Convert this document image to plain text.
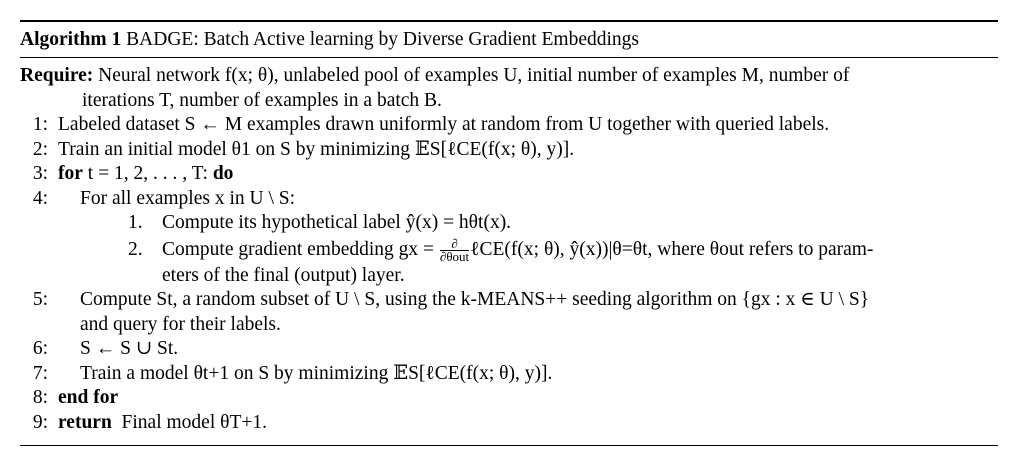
Algorithm 1 BADGE: Batch Active learning by Diverse Gradient Embeddings
Require: Neural network f(x; θ), unlabeled pool of examples U, initial number of examples M, number of
iterations T, number of examples in a batch B.
1: Labeled dataset S ← M examples drawn uniformly at random from U together with queried labels.
2: Train an initial model θ1 on S by minimizing 𝔼S[ℓCE(f(x; θ), y)].
3: for t = 1, 2, . . . , T: do
4: For all examples x in U \ S:
1. Compute its hypothetical label ŷ(x) = hθt(x).
2. Compute gradient embedding gx = $\frac{\partial}{\text{∂θout}}$ ℓCE(f(x; θ), ŷ(x))|θ=θt, where θout refers to param-
eters of the final (output) layer.
5: Compute St, a random subset of U \ S, using the k-MEANS++ seeding algorithm on {gx : x ∈ U \ S}
and query for their labels.
6: S ← S ∪ St.
7: Train a model θt+1 on S by minimizing 𝔼S[ℓCE(f(x; θ), y)].
8: end for
9: return Final model θT+1.
